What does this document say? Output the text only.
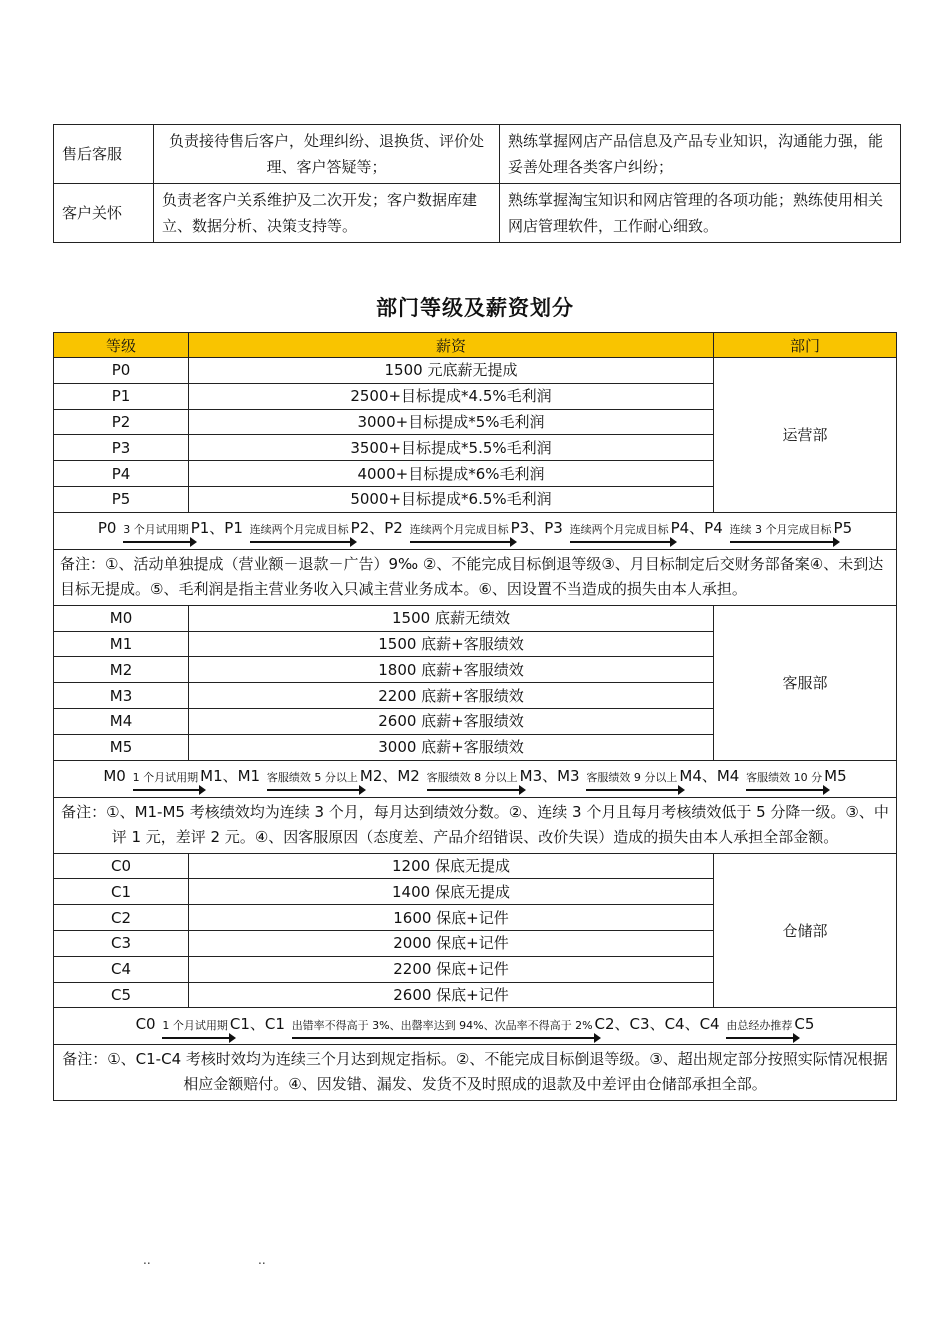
售后客服	负责接待售后客户，处理纠纷、退换货、评价处理、客户答疑等；	熟练掌握网店产品信息及产品专业知识，沟通能力强，能妥善处理各类客户纠纷；
客户关怀	负责老客户关系维护及二次开发；客户数据库建立、数据分析、决策支持等。	熟练掌握淘宝知识和网店管理的各项功能；熟练使用相关网店管理软件，工作耐心细致。
部门等级及薪资划分
等级	薪资	部门
P0	1500 元底薪无提成	运营部
P1	2500+目标提成*4.5%毛利润	
P2	3000+目标提成*5%毛利润	
P3	3500+目标提成*5.5%毛利润	
P4	4000+目标提成*6%毛利润	
P5	5000+目标提成*6.5%毛利润	
P0 3 个月试用期 P1、P1 连续两个月完成目标 P2、P2 连续两个月完成目标 P3、P3 连续两个月完成目标 P4、P4 连续 3 个月完成目标 P5		
备注：①、活动单独提成（营业额－退款－广告）9‰ ②、不能完成目标倒退等级③、月目标制定后交财务部备案④、未到达目标无提成。⑤、毛利润是指主营业务收入只减主营业务成本。⑥、因设置不当造成的损失由本人承担。		
M0	1500 底薪无绩效	客服部
M1	1500 底薪+客服绩效	
M2	1800 底薪+客服绩效	
M3	2200 底薪+客服绩效	
M4	2600 底薪+客服绩效	
M5	3000 底薪+客服绩效	
M0 1 个月试用期 M1、M1 客服绩效 5 分以上 M2、M2 客服绩效 8 分以上 M3、M3 客服绩效 9 分以上 M4、M4 客服绩效 10 分 M5		
备注：①、M1-M5 考核绩效均为连续 3 个月，每月达到绩效分数。②、连续 3 个月且每月考核绩效低于 5 分降一级。③、中评 1 元，差评 2 元。④、因客服原因（态度差、产品介绍错误、改价失误）造成的损失由本人承担全部金额。		
C0	1200 保底无提成	仓储部
C1	1400 保底无提成	
C2	1600 保底+记件	
C3	2000 保底+记件	
C4	2200 保底+记件	
C5	2600 保底+记件	
C0 1 个月试用期 C1、C1 出错率不得高于 3%、出罄率达到 94%、次品率不得高于 2% C2、C3、C4、C4 由总经办推荐 C5		
备注：①、C1-C4 考核时效均为连续三个月达到规定指标。②、不能完成目标倒退等级。③、超出规定部分按照实际情况根据相应金额赔付。④、因发错、漏发、发货不及时照成的退款及中差评由仓储部承担全部。		
..	..
